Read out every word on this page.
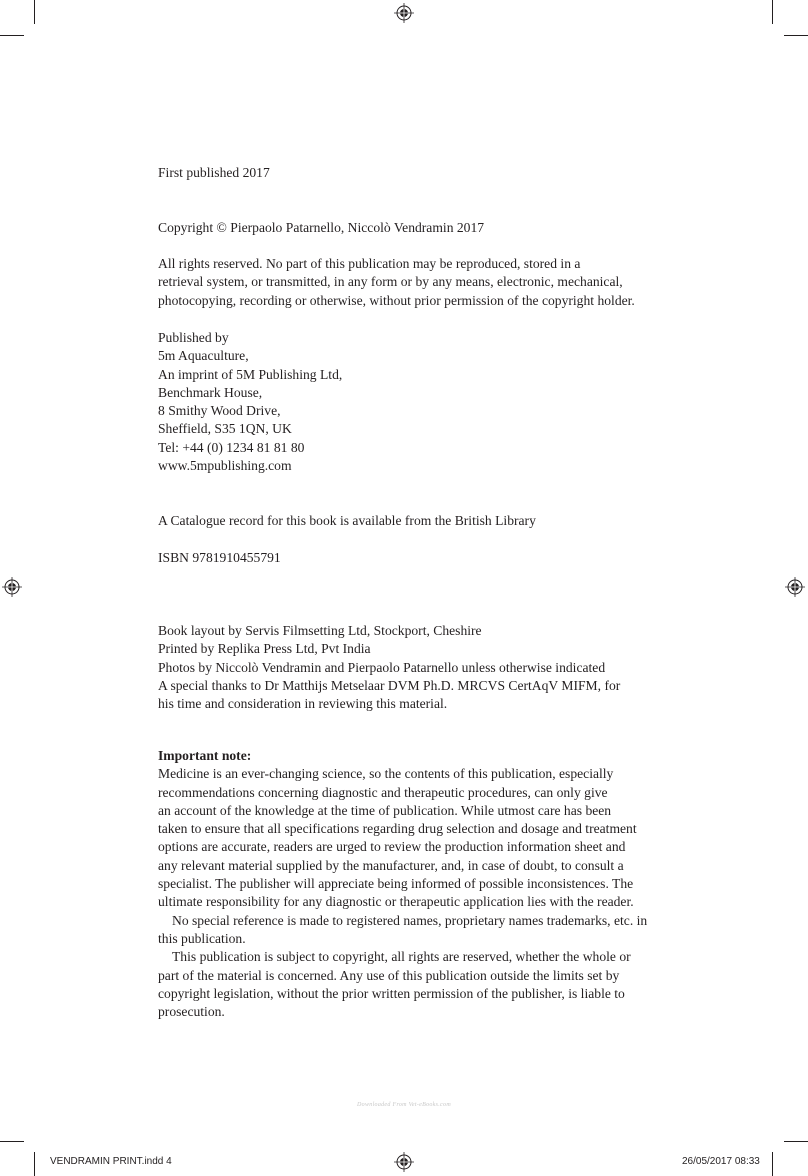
First published 2017
Copyright © Pierpaolo Patarnello, Niccolò Vendramin 2017
All rights reserved. No part of this publication may be reproduced, stored in a
retrieval system, or transmitted, in any form or by any means, electronic, mechanical,
photocopying, recording or otherwise, without prior permission of the copyright holder.
Published by
5m Aquaculture,
An imprint of 5M Publishing Ltd,
Benchmark House,
8 Smithy Wood Drive,
Sheffield, S35 1QN, UK
Tel: +44 (0) 1234 81 81 80
www.5mpublishing.com
A Catalogue record for this book is available from the British Library
ISBN 9781910455791
Book layout by Servis Filmsetting Ltd, Stockport, Cheshire
Printed by Replika Press Ltd, Pvt India
Photos by Niccolò Vendramin and Pierpaolo Patarnello unless otherwise indicated
A special thanks to Dr Matthijs Metselaar DVM Ph.D. MRCVS CertAqV MIFM, for
his time and consideration in reviewing this material.
Important note:
Medicine is an ever-changing science, so the contents of this publication, especially
recommendations concerning diagnostic and therapeutic procedures, can only give
an account of the knowledge at the time of publication. While utmost care has been
taken to ensure that all specifications regarding drug selection and dosage and treatment
options are accurate, readers are urged to review the production information sheet and
any relevant material supplied by the manufacturer, and, in case of doubt, to consult a
specialist. The publisher will appreciate being informed of possible inconsistences. The
ultimate responsibility for any diagnostic or therapeutic application lies with the reader.
No special reference is made to registered names, proprietary names trademarks, etc. in
this publication.
This publication is subject to copyright, all rights are reserved, whether the whole or
part of the material is concerned. Any use of this publication outside the limits set by
copyright legislation, without the prior written permission of the publisher, is liable to
prosecution.
Downloaded From Vet-eBooks.com
VENDRAMIN PRINT.indd 4	26/05/2017 08:33
